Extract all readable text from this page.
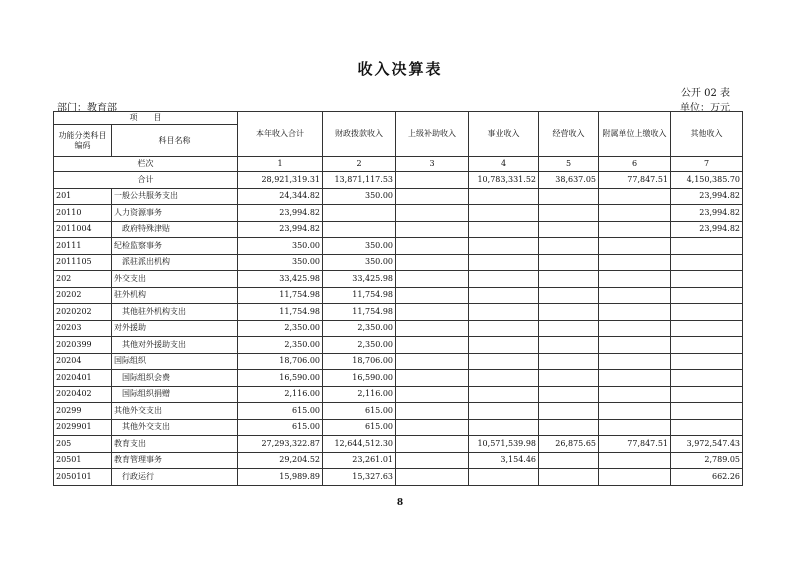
收入决算表
公开 02 表
部门：教育部	单位：万元
项　　目		本年收入合计	财政拨款收入	上级补助收入	事业收入	经营收入	附属单位上缴收入	其他收入
功能分类科目编码	科目名称							
栏次		1	2	3	4	5	6	7
合计		28,921,319.31	13,871,117.53		10,783,331.52	38,637.05	77,847.51	4,150,385.70
201	一般公共服务支出	24,344.82	350.00					23,994.82
20110	人力资源事务	23,994.82						23,994.82
2011004	政府特殊津贴	23,994.82						23,994.82
20111	纪检监察事务	350.00	350.00					
2011105	派驻派出机构	350.00	350.00					
202	外交支出	33,425.98	33,425.98					
20202	驻外机构	11,754.98	11,754.98					
2020202	其他驻外机构支出	11,754.98	11,754.98					
20203	对外援助	2,350.00	2,350.00					
2020399	其他对外援助支出	2,350.00	2,350.00					
20204	国际组织	18,706.00	18,706.00					
2020401	国际组织会费	16,590.00	16,590.00					
2020402	国际组织捐赠	2,116.00	2,116.00					
20299	其他外交支出	615.00	615.00					
2029901	其他外交支出	615.00	615.00					
205	教育支出	27,293,322.87	12,644,512.30		10,571,539.98	26,875.65	77,847.51	3,972,547.43
20501	教育管理事务	29,204.52	23,261.01		3,154.46			2,789.05
2050101	行政运行	15,989.89	15,327.63					662.26
8
